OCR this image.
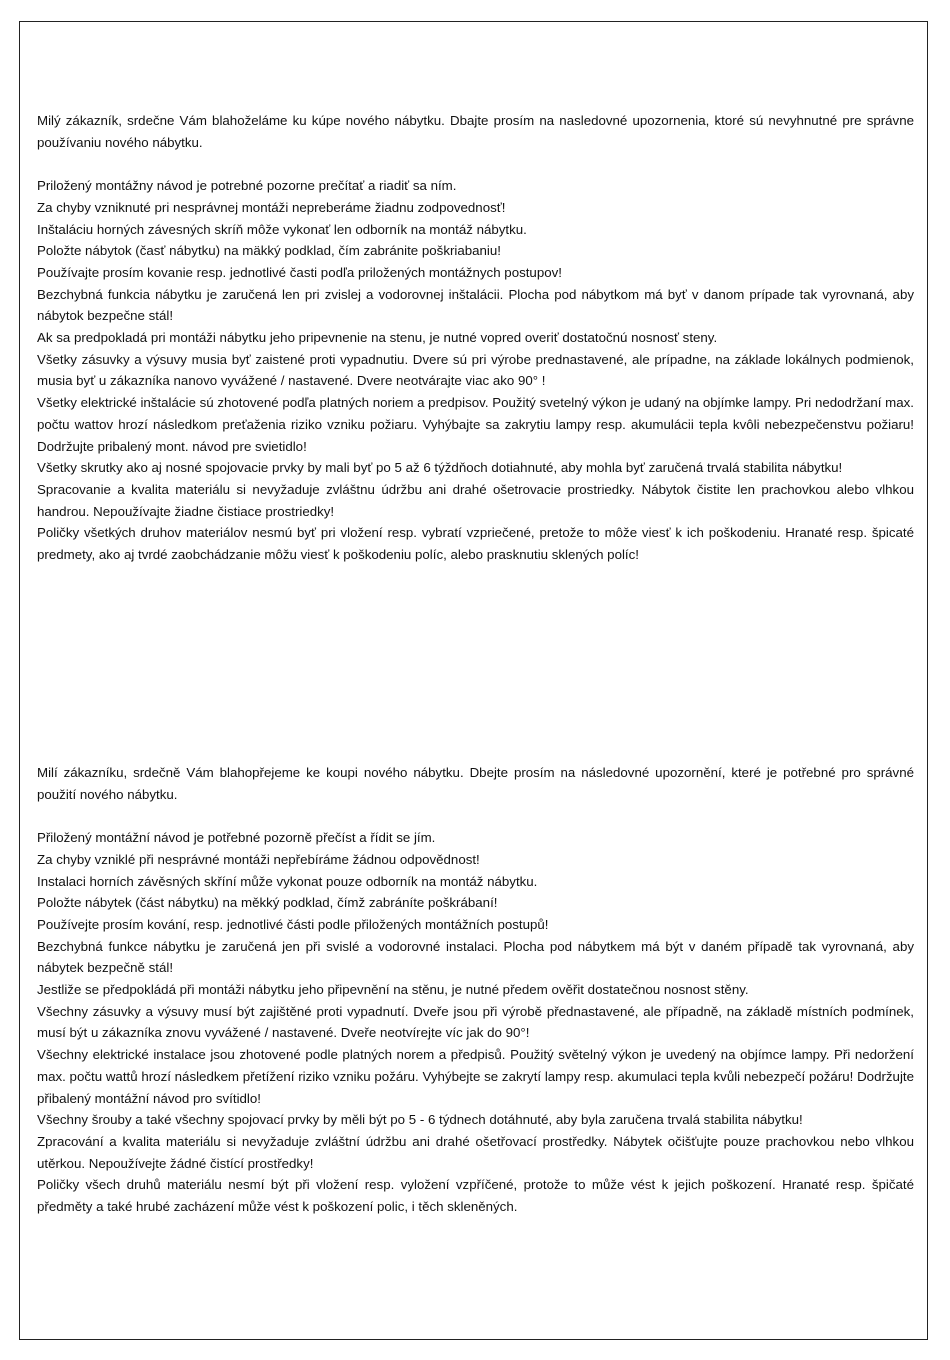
Milý zákazník, srdečne Vám blahoželáme ku kúpe nového nábytku. Dbajte prosím na nasledovné upozornenia, ktoré sú nevyhnutné pre správne používaniu nového nábytku.

Priložený montážny návod je potrebné pozorne prečítať a riadiť sa ním.

Za chyby vzniknuté pri nesprávnej montáži nepreberáme žiadnu zodpovednosť!

Inštaláciu horných závesných skríň môže vykonať len odborník na montáž nábytku.

Položte nábytok (časť nábytku) na mäkký podklad, čím zabránite poškriabaniu!

Používajte prosím kovanie resp. jednotlivé časti podľa priložených montážnych postupov!

Bezchybná funkcia nábytku je zaručená len pri zvislej a vodorovnej inštalácii. Plocha pod nábytkom má byť v danom prípade tak vyrovnaná, aby nábytok bezpečne stál!

Ak sa predpokladá pri montáži nábytku jeho pripevnenie na stenu, je nutné vopred overiť dostatočnú nosnosť steny.

Všetky zásuvky a výsuvy musia byť zaistené proti vypadnutiu. Dvere sú pri výrobe prednastavené, ale prípadne, na základe lokálnych podmienok, musia byť u zákazníka nanovo vyvážené / nastavené. Dvere neotvárajte viac ako 90° !

Všetky elektrické inštalácie sú zhotovené podľa platných noriem a predpisov. Použitý svetelný výkon je udaný na objímke lampy. Pri nedodržaní max. počtu wattov hrozí následkom preťaženia riziko vzniku požiaru. Vyhýbajte sa zakrytiu lampy resp. akumulácii tepla kvôli nebezpečenstvu požiaru! Dodržujte pribalený mont. návod pre svietidlo!

Všetky skrutky ako aj nosné spojovacie prvky by mali byť po 5 až 6 týždňoch dotiahnuté, aby mohla byť zaručená trvalá stabilita nábytku!

Spracovanie a kvalita materiálu si nevyžaduje zvláštnu údržbu ani drahé ošetrovacie prostriedky. Nábytok čistite len prachovkou alebo vlhkou handrou. Nepoužívajte žiadne čistiace prostriedky!

Poličky všetkých druhov materiálov nesmú byť pri vložení resp. vybratí vzpriečené, pretože to môže viesť k ich poškodeniu. Hranaté resp. špicaté predmety, ako aj tvrdé zaobchádzanie môžu viesť k poškodeniu políc, alebo prasknutiu sklených políc!

Milí zákazníku, srdečně Vám blahopřejeme ke koupi nového nábytku. Dbejte prosím na následovné upozornění, které je potřebné pro správné použití nového nábytku.

Přiložený montážní návod je potřebné pozorně přečíst a řídit se jím.

Za chyby vzniklé při nesprávné montáži nepřebíráme žádnou odpovědnost!

Instalaci horních závěsných skříní může vykonat pouze odborník na montáž nábytku.

Položte nábytek (část nábytku) na měkký podklad, čímž zabráníte poškrábaní!

Používejte prosím kování, resp. jednotlivé části podle přiložených montážních postupů!

Bezchybná funkce nábytku je zaručená jen při svislé a vodorovné instalaci. Plocha pod nábytkem má být v daném případě tak vyrovnaná, aby nábytek bezpečně stál!

Jestliže se předpokládá při montáži nábytku jeho připevnění na stěnu, je nutné předem ověřit dostatečnou nosnost stěny.

Všechny zásuvky a výsuvy musí být zajištěné proti vypadnutí. Dveře jsou při výrobě přednastavené, ale případně, na základě místních podmínek, musí být u zákazníka znovu vyvážené / nastavené. Dveře neotvírejte víc jak do 90°!

Všechny elektrické instalace jsou zhotovené podle platných norem a předpisů. Použitý světelný výkon je uvedený na objímce lampy. Při nedoržení max. počtu wattů hrozí následkem přetížení riziko vzniku požáru. Vyhýbejte se zakrytí lampy resp. akumulaci tepla kvůli nebezpečí požáru! Dodržujte přibalený montážní návod pro svítidlo!

Všechny šrouby a také všechny spojovací prvky by měli být po 5 - 6 týdnech dotáhnuté, aby byla zaručena trvalá stabilita nábytku!

Zpracování a kvalita materiálu si nevyžaduje zvláštní údržbu ani drahé ošetřovací prostředky. Nábytek očišťujte pouze prachovkou nebo vlhkou utěrkou. Nepoužívejte žádné čistící prostředky!

Poličky všech druhů materiálu nesmí být při vložení resp. vyložení vzpříčené, protože to může vést k jejich poškození. Hranaté resp. špičaté předměty a také hrubé zacházení může vést k poškození polic, i těch skleněných.
